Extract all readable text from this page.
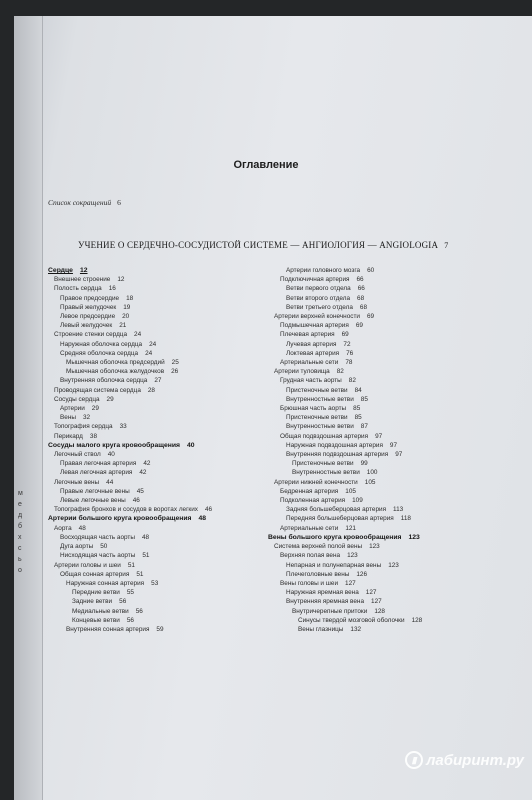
м
е
д
б
х
с
ь
о
Оглавление
Список сокращений 6
УЧЕНИЕ О СЕРДЕЧНО-СОСУДИСТОЙ СИСТЕМЕ — АНГИОЛОГИЯ — ANGIOLOGIA 7
Сердце 12
Внешнее строение 12
Полость сердца 16
Правое предсердие 18
Правый желудочек 19
Левое предсердие 20
Левый желудочек 21
Строение стенки сердца 24
Наружная оболочка сердца 24
Средняя оболочка сердца 24
Мышечная оболочка предсердий 25
Мышечная оболочка желудочков 26
Внутренняя оболочка сердца 27
Проводящая система сердца 28
Сосуды сердца 29
Артерии 29
Вены 32
Топография сердца 33
Перикард 38
Сосуды малого круга кровообращения 40
Легочный ствол 40
Правая легочная артерия 42
Левая легочная артерия 42
Легочные вены 44
Правые легочные вены 45
Левые легочные вены 46
Топография бронхов и сосудов в воротах легких 46
Артерии большого круга кровообращения 48
Аорта 48
Восходящая часть аорты 48
Дуга аорты 50
Нисходящая часть аорты 51
Артерии головы и шеи 51
Общая сонная артерия 51
Наружная сонная артерия 53
Передние ветви 55
Задние ветви 56
Медиальные ветви 56
Концевые ветви 56
Внутренняя сонная артерия 59
Артерии головного мозга 60
Подключичная артерия 66
Ветви первого отдела 66
Ветви второго отдела 68
Ветви третьего отдела 68
Артерии верхней конечности 69
Подмышечная артерия 69
Плечевая артерия 69
Лучевая артерия 72
Локтевая артерия 76
Артериальные сети 78
Артерии туловища 82
Грудная часть аорты 82
Пристеночные ветви 84
Внутренностные ветви 85
Брюшная часть аорты 85
Пристеночные ветви 85
Внутренностные ветви 87
Общая подвздошная артерия 97
Наружная подвздошная артерия 97
Внутренняя подвздошная артерия 97
Пристеночные ветви 99
Внутренностные ветви 100
Артерии нижней конечности 105
Бедренная артерия 105
Подколенная артерия 109
Задняя большеберцовая артерия 113
Передняя большеберцовая артерия 118
Артериальные сети 121
Вены большого круга кровообращения 123
Система верхней полой вены 123
Верхняя полая вена 123
Непарная и полунепарная вены 123
Плечеголовные вены 126
Вены головы и шеи 127
Наружная яремная вена 127
Внутренняя яремная вена 127
Внутричерепные притоки 128
Синусы твердой мозговой оболочки 128
Вены глазницы 132
▮ лабиринт.ру
